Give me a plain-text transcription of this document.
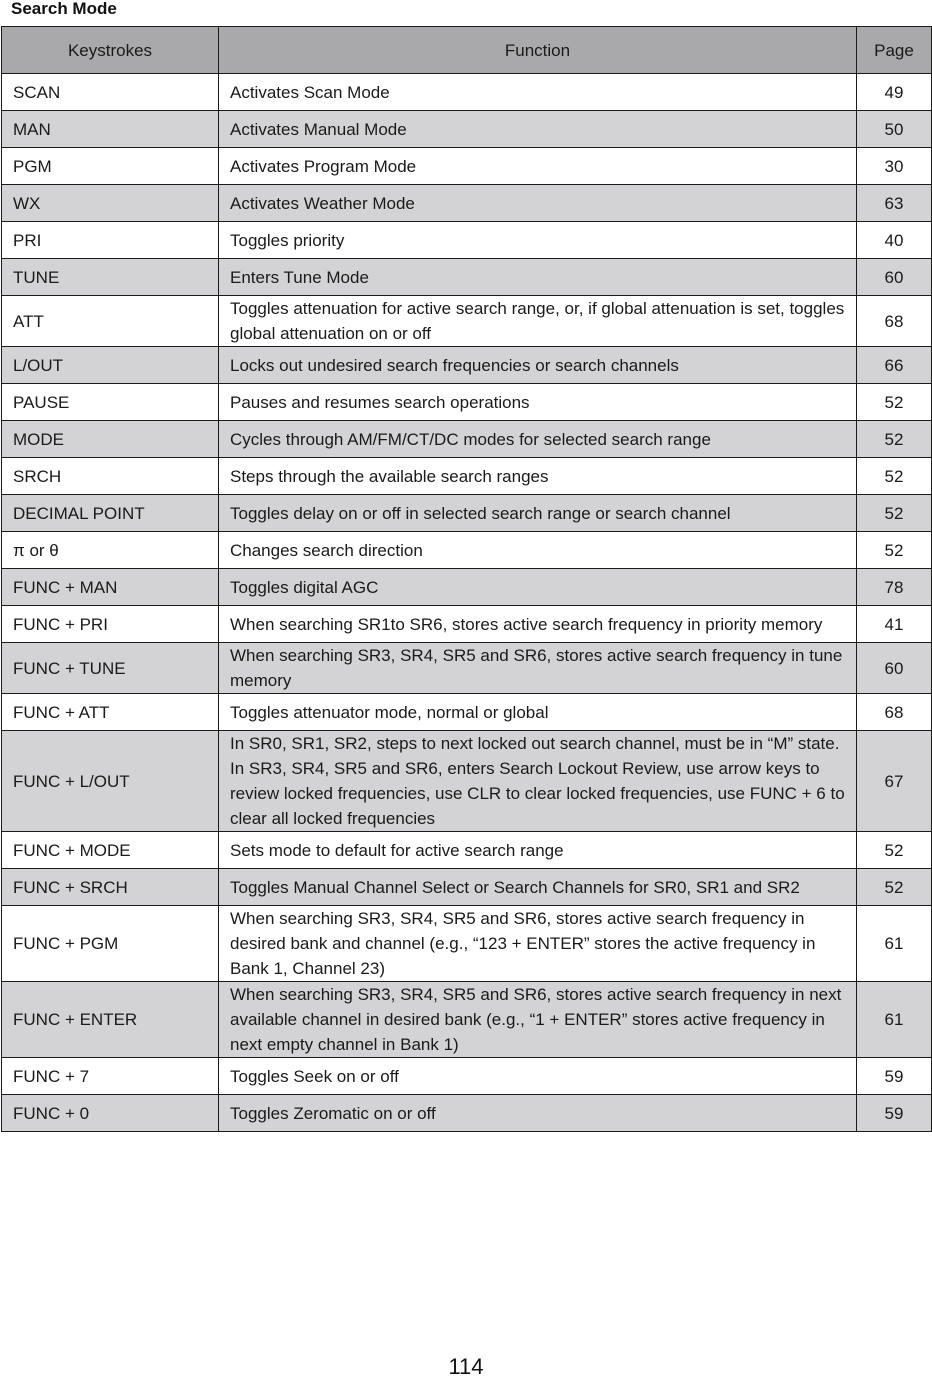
Search Mode
Keystrokes	Function	Page
SCAN	Activates Scan Mode	49
MAN	Activates Manual Mode	50
PGM	Activates Program Mode	30
WX	Activates Weather Mode	63
PRI	Toggles priority	40
TUNE	Enters Tune Mode	60
ATT	Toggles attenuation for active search range, or, if global attenuation is set, toggles global attenuation on or off	68
L/OUT	Locks out undesired search frequencies or search channels	66
PAUSE	Pauses and resumes search operations	52
MODE	Cycles through AM/FM/CT/DC modes for selected search range	52
SRCH	Steps through the available search ranges	52
DECIMAL POINT	Toggles delay on or off in selected search range or search channel	52
π or θ	Changes search direction	52
FUNC + MAN	Toggles digital AGC	78
FUNC + PRI	When searching SR1to SR6, stores active search frequency in priority memory	41
FUNC + TUNE	When searching SR3, SR4, SR5 and SR6, stores active search frequency in tune memory	60
FUNC + ATT	Toggles attenuator mode, normal or global	68
FUNC + L/OUT	In SR0, SR1, SR2, steps to next locked out search channel, must be in “M” state. In SR3, SR4, SR5 and SR6, enters Search Lockout Review, use arrow keys to review locked frequencies, use CLR to clear locked frequencies, use FUNC + 6 to clear all locked frequencies	67
FUNC + MODE	Sets mode to default for active search range	52
FUNC + SRCH	Toggles Manual Channel Select or Search Channels for SR0, SR1 and SR2	52
FUNC + PGM	When searching SR3, SR4, SR5 and SR6, stores active search frequency in desired bank and channel (e.g., “123 + ENTER” stores the active frequency in Bank 1, Channel 23)	61
FUNC + ENTER	When searching SR3, SR4, SR5 and SR6, stores active search frequency in next available channel in desired bank (e.g., “1 + ENTER” stores active frequency in next empty channel in Bank 1)	61
FUNC + 7	Toggles Seek on or off	59
FUNC + 0	Toggles Zeromatic on or off	59
114
